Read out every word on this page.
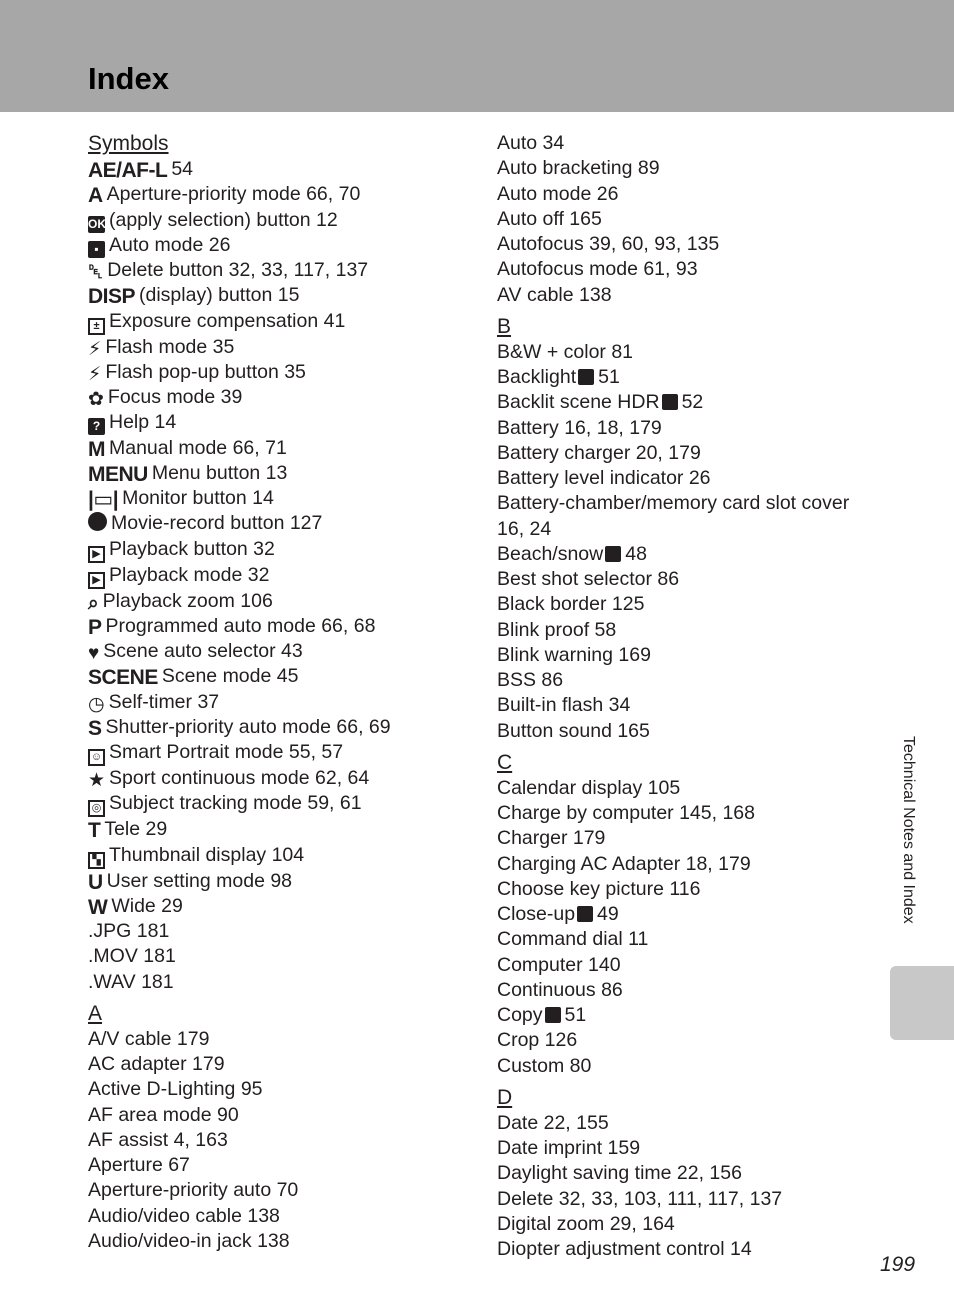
Index
Symbols
AE/AF-L 54
A Aperture-priority mode 66, 70
OK (apply selection) button 12
▪ Auto mode 26
␡ Delete button 32, 33, 117, 137
DISP (display) button 15
± Exposure compensation 41
⚡ Flash mode 35
⚡ Flash pop-up button 35
✿ Focus mode 39
? Help 14
M Manual mode 66, 71
MENU Menu button 13
|▭| Monitor button 14
Movie-record button 127
▶ Playback button 32
▶ Playback mode 32
⌕ Playback zoom 106
P Programmed auto mode 66, 68
♥ Scene auto selector 43
SCENE Scene mode 45
◷ Self-timer 37
S Shutter-priority auto mode 66, 69
☺ Smart Portrait mode 55, 57
★ Sport continuous mode 62, 64
◎ Subject tracking mode 59, 61
T Tele 29
▚ Thumbnail display 104
U User setting mode 98
W Wide 29
.JPG 181
.MOV 181
.WAV 181
A
A/V cable 179
AC adapter 179
Active D-Lighting 95
AF area mode 90
AF assist 4, 163
Aperture 67
Aperture-priority auto 70
Audio/video cable 138
Audio/video-in jack 138
Auto 34
Auto bracketing 89
Auto mode 26
Auto off 165
Autofocus 39, 60, 93, 135
Autofocus mode 61, 93
AV cable 138
B
B&W + color 81
Backlight 51
Backlit scene HDR 52
Battery 16, 18, 179
Battery charger 20, 179
Battery level indicator 26
Battery-chamber/memory card slot cover 16, 24
Beach/snow 48
Best shot selector 86
Black border 125
Blink proof 58
Blink warning 169
BSS 86
Built-in flash 34
Button sound 165
C
Calendar display 105
Charge by computer 145, 168
Charger 179
Charging AC Adapter 18, 179
Choose key picture 116
Close-up 49
Command dial 11
Computer 140
Continuous 86
Copy 51
Crop 126
Custom 80
D
Date 22, 155
Date imprint 159
Daylight saving time 22, 156
Delete 32, 33, 103, 111, 117, 137
Digital zoom 29, 164
Diopter adjustment control 14
Technical Notes and Index
199
